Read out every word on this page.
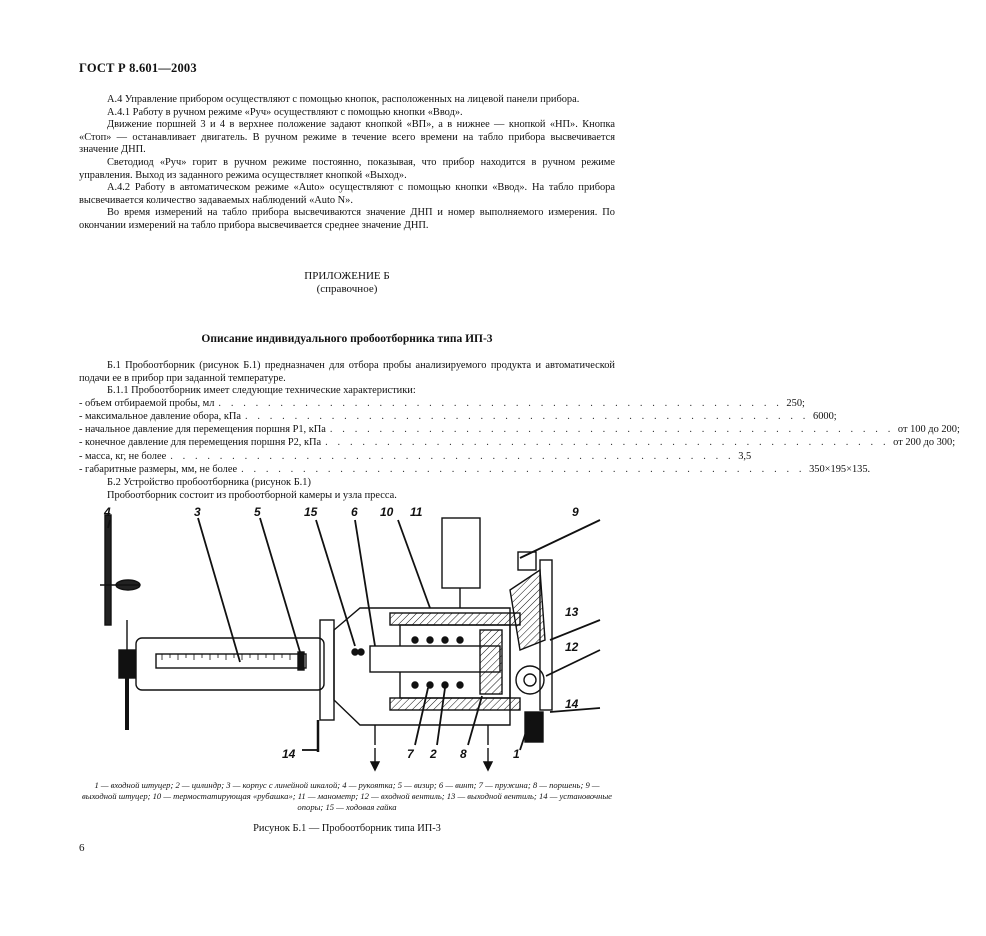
ГОСТ Р 8.601—2003

А.4 Управление прибором осуществляют с помощью кнопок, расположенных на лицевой панели прибора.

А.4.1 Работу в ручном режиме «Руч» осуществляют с помощью кнопки «Ввод».

Движение поршней 3 и 4 в верхнее положение задают кнопкой «ВП», а в нижнее — кнопкой «НП». Кнопка «Стоп» — останавливает двигатель. В ручном режиме в течение всего времени на табло прибора высвечивается значение ДНП.

Светодиод «Руч» горит в ручном режиме постоянно, показывая, что прибор находится в ручном режиме управления. Выход из заданного режима осуществляет кнопкой «Выход».

А.4.2 Работу в автоматическом режиме «Auto» осуществляют с помощью кнопки «Ввод». На табло прибора высвечивается количество задаваемых наблюдений «Auto N».

Во время измерений на табло прибора высвечиваются значение ДНП и номер выполняемого измерения. По окончании измерений на табло прибора высвечивается среднее значение ДНП.

ПРИЛОЖЕНИЕ Б
(справочное)
Описание индивидуального пробоотборника типа ИП-3

Б.1 Пробоотборник (рисунок Б.1) предназначен для отбора пробы анализируемого продукта и автоматической подачи ее в прибор при заданной температуре.

Б.1.1 Пробоотборник имеет следующие технические характеристики:

- объем отбираемой пробы, мл . . . . . . . . . . . . . . . . . . . . . . . . . . . . . . . . . . . . . . . . . . . . . . 250;
- максимальное давление обора, кПа . . . . . . . . . . . . . . . . . . . . . . . . . . . . . . . . . . . . . . . . . . . . . . 6000;
- начальное давление для перемещения поршня Р1, кПа . . . . . . . . . . . . . . . . . . . . . . . . . . . . . . . . . . . . . . . . . . . . . . от 100 до 200;
- конечное давление для перемещения поршня Р2, кПа . . . . . . . . . . . . . . . . . . . . . . . . . . . . . . . . . . . . . . . . . . . . . . от 200 до 300;
- масса, кг, не более . . . . . . . . . . . . . . . . . . . . . . . . . . . . . . . . . . . . . . . . . . . . . . 3,5
- габаритные размеры, мм, не более . . . . . . . . . . . . . . . . . . . . . . . . . . . . . . . . . . . . . . . . . . . . . . 350×195×135.

Б.2 Устройство пробоотборника (рисунок Б.1)

Пробоотборник состоит из пробоотборной камеры и узла пресса.

4	3	5	15	6 10 11	9
13
12
14
14	7 2 8	1
1 — входной штуцер; 2 — цилиндр; 3 — корпус с линейной шкалой; 4 — рукоятка; 5 — визир; 6 — винт; 7 — пружина; 8 — поршень; 9 — выходной штуцер; 10 — термостатирующая «рубашка»; 11 — манометр; 12 — входной вентиль; 13 — выходной вентиль; 14 — установочные опоры; 15 — ходовая гайка
Рисунок Б.1 — Пробоотборник типа ИП-3
6
